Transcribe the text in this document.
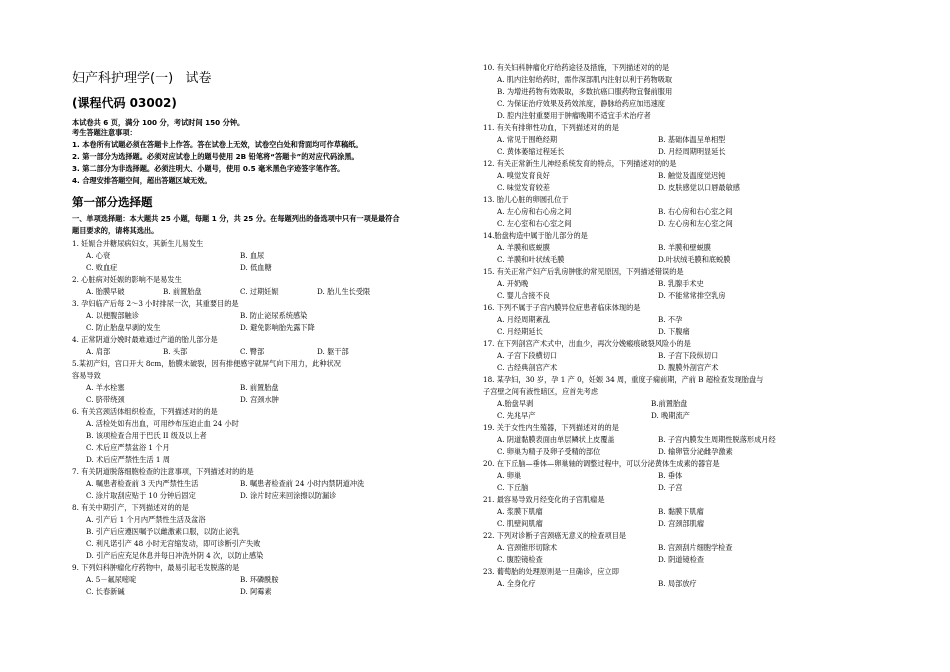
妇产科护理学(一)   试卷
(课程代码 03002)
本试卷共 6 页，满分 100 分，考试时间 150 分钟。
考生答题注意事项：
1. 本卷所有试题必须在答题卡上作答。答在试卷上无效，试卷空白处和背面均可作草稿纸。
2. 第一部分为选择题。必须对应试卷上的题号使用 2B 铅笔将“答题卡”的对应代码涂黑。
3. 第二部分为非选择题。必须注明大、小题号，使用 0.5 毫米黑色字迹签字笔作答。
4. 合理安排答题空间，超出答题区域无效。
第一部分选择题
一、单项选择题：本大题共 25 小题，每题 1 分，共 25 分。在每题列出的备选项中只有一项是最符合
题目要求的，请将其选出。
1. 妊娠合并糖尿病妇女，其新生儿易发生
A. 心衰	B. 血尿
C. 败血症	D. 低血糖
2. 心脏病对妊娠的影响不是易发生
A. 胎膜早破	B. 前置胎盘	C. 过期妊娠	D. 胎儿生长受限
3. 孕妇临产后每 2～3 小时排尿一次，其重要目的是
A. 以便腹部触诊	B. 防止泌尿系统感染
C. 防止胎盘早剥的发生	D. 避免影响胎先露下降
4. 正常阴道分娩时最难通过产道的胎儿部分是
A. 肩部	B. 头部	C. 臀部	D. 躯干部
5.某初产妇，宫口开大 8cm，胎膜未破裂，因有排便感宇就屏气向下用力，此种状况
容易导致
A. 羊水栓塞	B. 前置胎盘
C. 脐带绕颈	D. 宫颈水肿
6. 有关宫颈活体组织检查，下列描述对的的是
A. 活检处如有出血，可用纱布压迫止血 24 小时
B. 该项检查合用于巴氏 II 级及以上者
C. 术后应严禁盆浴 1 个月
D. 术后应严禁性生活 1 周
7. 有关阴道脱落细胞检查的注意事项，下列描述对的的是
A. 嘱患者检查前 3 天内严禁性生活	B. 嘱患者检查前 24 小时内禁阴道冲洗
C. 涂片取刮应贴于 10 分钟后固定	D. 涂片时应来回涂擦以防漏诊
8. 有关中期引产，下列描述对的的是
A. 引产后 1 个月内严禁性生活及盆浴
B. 引产后应遵医嘱予以雌激素口服，以防止泌乳
C. 利凡诺引产 48 小时无宫缩发动，即可诊断引产失败
D. 引产后应充足休息并每日冲洗外阴 4 次，以防止感染
9. 下列妇科肿瘤化疗药物中，最易引起毛发脱落的是
A. 5－氟尿嘧啶	B. 环磷酰胺
C. 长春新碱	D. 阿霉素
10. 有关妇科肿瘤化疗给药途径及措施，下列描述对的的是
A. 肌内注射给药时，需作深部肌内注射以利于药物吸取
B. 为增进药物有效吸取，多数抗癌口服药物宜餐前服用
C. 为保证治疗效果及药效浓度，静脉给药应加迅速度
D. 腔内注射重要用于肿瘤晚期不适宜手术治疗者
11. 有关有排卵性功血，下列描述对的的是
A. 常见于围绝经期	B. 基础体温呈单相型
C. 黄体萎缩过程延长	D. 月经周期明显延长
12. 有关正常新生儿神经系统发育的特点，下列描述对的的是
A. 嗅觉发育良好	B. 触觉及温度觉迟钝
C. 味觉发育较差	D. 皮肤感觉以口唇最敏感
13. 胎儿心脏的卵圆孔位于
A. 左心房和右心房之间	B. 右心房和右心室之间
C. 左心室和右心室之间	D. 左心房和左心室之间
14.胎盘构造中属于胎儿部分的是
A. 羊膜和底蜕膜	B. 羊膜和壁蜕膜
C. 羊膜和叶状绒毛膜	D.叶状绒毛膜和底蜕膜
15. 有关正常产妇产后乳房肿胀的常见原因，下列描述错误的是
A. 开奶晚	B. 乳腺手术史
C. 婴儿含接不良	D. 不能常常排空乳房
16. 下列不属于子宫内膜异位症患者临床体现的是
A. 月经周期紊乱	B. 不孕
C. 月经期延长	D. 下腹痛
17. 在下列剖宫产术式中，出血少，再次分娩瘢痕破裂风险小的是
A. 子宫下段横切口	B. 子宫下段纵切口
C. 古经典剖宫产术	D. 腹膜外剖宫产术
18. 某孕妇，30 岁，孕 1 产 0，妊娠 34 周，重度子痫前期，产前 B 超检查发现胎盘与
子宫壁之间有液性暗区，应首先考虑
A.胎盘早剥	B.前置胎盘
C. 先兆早产	D. 晚期流产
19. 关于女性内生殖器，下列描述对的的是
A. 阴道黏膜表面由单层鳞状上皮覆盖	B. 子宫内膜发生周期性脱落形成月经
C. 卵巢为精子及卵子受精的部位	D. 输卵管分泌雌孕激素
20. 在下丘脑—垂体—卵巢轴的调整过程中，可以分泌黄体生成素的器官是
A. 卵巢	B. 垂体
C. 下丘脑	D. 子宫
21. 最容易导致月经变化的子宫肌瘤是
A. 浆膜下肌瘤	B. 黏膜下肌瘤
C. 肌壁间肌瘤	D. 宫颈部肌瘤
22. 下列对诊断子宫颈癌无意义的检查项目是
A. 宫颈锥形切除术	B. 宫颈刮片细胞学检查
C. 腹腔镜检查	D. 阴道镜检查
23. 葡萄胎的处理原则是一旦确诊，应立即
A. 全身化疗	B. 局部放疗
